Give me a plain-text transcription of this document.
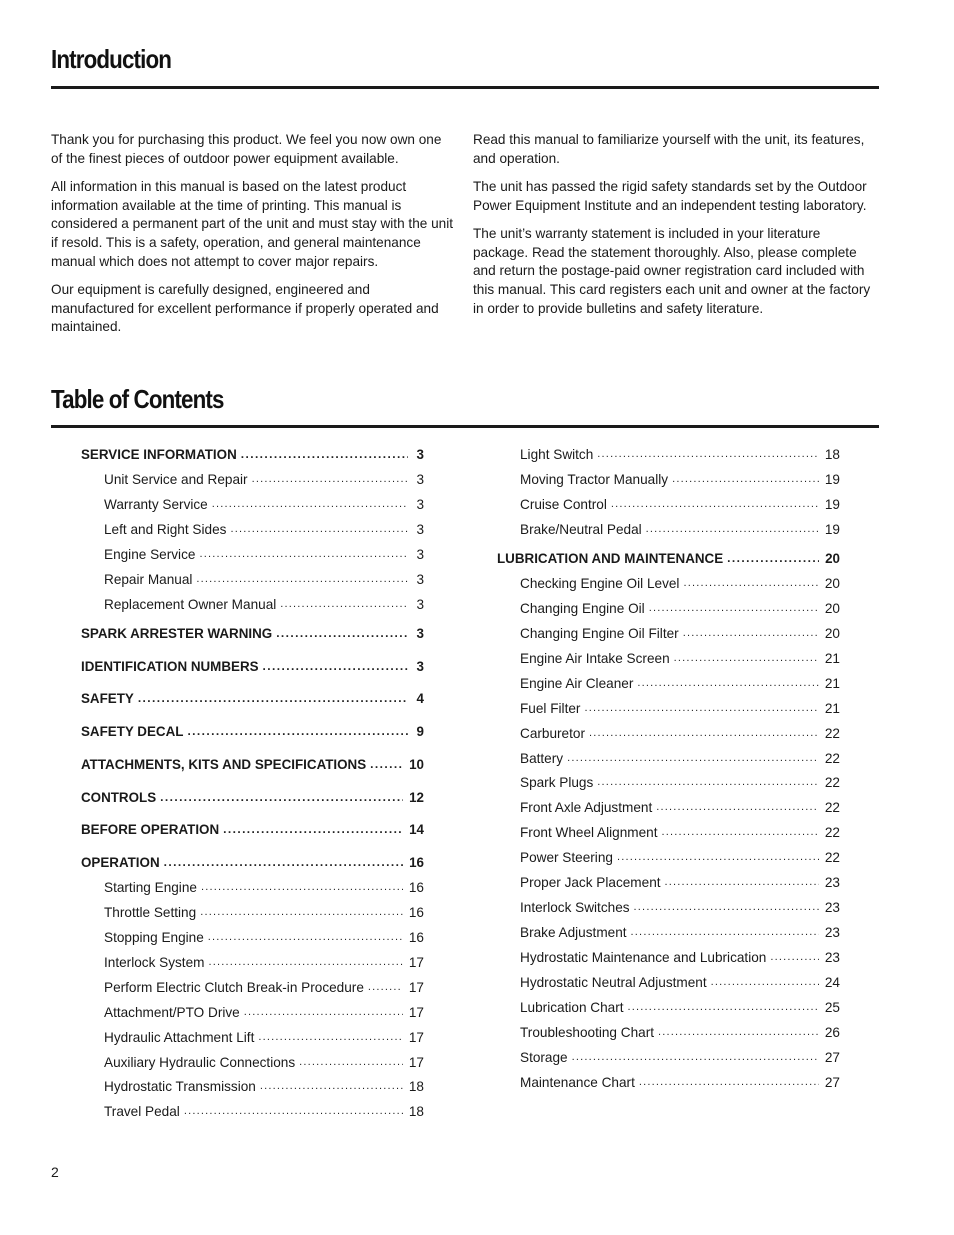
Introduction

Thank you for purchasing this product. We feel you now own one of the finest pieces of outdoor power equipment available.

All information in this manual is based on the latest product information available at the time of printing. This manual is considered a permanent part of the unit and must stay with the unit if resold. This is a safety, operation, and general maintenance manual which does not attempt to cover major repairs.

Our equipment is carefully designed, engineered and manufactured for excellent performance if properly operated and maintained.

Read this manual to familiarize yourself with the unit, its features, and operation.

The unit has passed the rigid safety standards set by the Outdoor Power Equipment Institute and an independent testing laboratory.

The unit’s warranty statement is included in your literature package. Read the statement thoroughly. Also, please complete and return the postage-paid owner registration card included with this manual. This card registers each unit and owner at the factory in order to provide bulletins and safety literature.

Table of Contents
SERVICE INFORMATION .....	3
Unit Service and Repair .....	3
Warranty Service .....	3
Left and Right Sides .....	3
Engine Service .....	3
Repair Manual .....	3
Replacement Owner Manual .....	3
SPARK ARRESTER WARNING .....	3
IDENTIFICATION NUMBERS .....	3
SAFETY .....	4
SAFETY DECAL .....	9
ATTACHMENTS, KITS AND SPECIFICATIONS .....	10
CONTROLS .....	12
BEFORE OPERATION .....	14
OPERATION .....	16
Starting Engine .....	16
Throttle Setting .....	16
Stopping Engine .....	16
Interlock System .....	17
Perform Electric Clutch Break-in Procedure .....	17
Attachment/PTO Drive .....	17
Hydraulic Attachment Lift .....	17
Auxiliary Hydraulic Connections .....	17
Hydrostatic Transmission .....	18
Travel Pedal .....	18
Light Switch .....	18
Moving Tractor Manually .....	19
Cruise Control .....	19
Brake/Neutral Pedal .....	19
LUBRICATION AND MAINTENANCE .....	20
Checking Engine Oil Level .....	20
Changing Engine Oil .....	20
Changing Engine Oil Filter .....	20
Engine Air Intake Screen .....	21
Engine Air Cleaner .....	21
Fuel Filter .....	21
Carburetor .....	22
Battery .....	22
Spark Plugs .....	22
Front Axle Adjustment .....	22
Front Wheel Alignment .....	22
Power Steering .....	22
Proper Jack Placement .....	23
Interlock Switches .....	23
Brake Adjustment .....	23
Hydrostatic Maintenance and Lubrication .....	23
Hydrostatic Neutral Adjustment .....	24
Lubrication Chart .....	25
Troubleshooting Chart .....	26
Storage .....	27
Maintenance Chart .....	27
2
